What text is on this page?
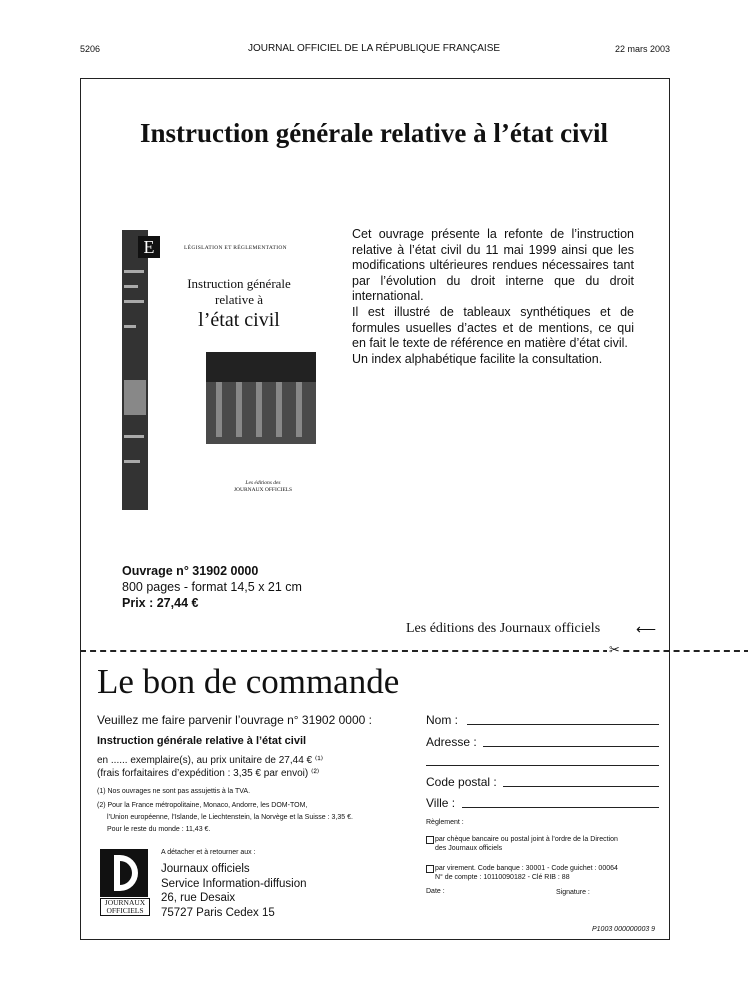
5206	JOURNAL OFFICIEL DE LA RÉPUBLIQUE FRANÇAISE	22 mars 2003
Instruction générale relative à l’état civil
E	LÉGISLATION ET RÉGLEMENTATION
Instruction générale
relative à
l’état civil
Les éditions des
JOURNAUX OFFICIELS

Cet ouvrage présente la refonte de l’instruction relative à l’état civil du 11 mai 1999 ainsi que les modifications ultérieures rendues nécessaires tant par l’évolution du droit interne que du droit international.

Il est illustré de tableaux synthétiques et de formules usuelles d’actes et de mentions, ce qui en fait le texte de référence en matière d’état civil.

Un index alphabétique facilite la consultation.

Ouvrage n° 31902 0000
800 pages - format 14,5 x 21 cm
Prix : 27,44 €
Les éditions des Journaux officiels	⟵
✂
Le bon de commande
Veuillez me faire parvenir l’ouvrage n° 31902 0000 :
Instruction générale relative à l’état civil
en ...... exemplaire(s), au prix unitaire de 27,44 € ⁽¹⁾
(frais forfaitaires d’expédition : 3,35 € par envoi) ⁽²⁾
(1) Nos ouvrages ne sont pas assujettis à la TVA.
(2) Pour la France métropolitaine, Monaco, Andorre, les DOM-TOM,
l’Union européenne, l’Islande, le Liechtenstein, la Norvège et la Suisse : 3,35 €.
Pour le reste du monde : 11,43 €.
JOURNAUX
OFFICIELS
A détacher et à retourner aux :
Journaux officiels
Service Information-diffusion
26, rue Desaix
75727 Paris Cedex 15
Nom :
Adresse :
Code postal :
Ville :
Règlement :
par chèque bancaire ou postal joint à l’ordre de la Direction
des Journaux officiels
par virement. Code banque : 30001 - Code guichet : 00064
N° de compte : 10110090182 - Clé RIB : 88
Date :	Signature :
P1003 000000003 9
